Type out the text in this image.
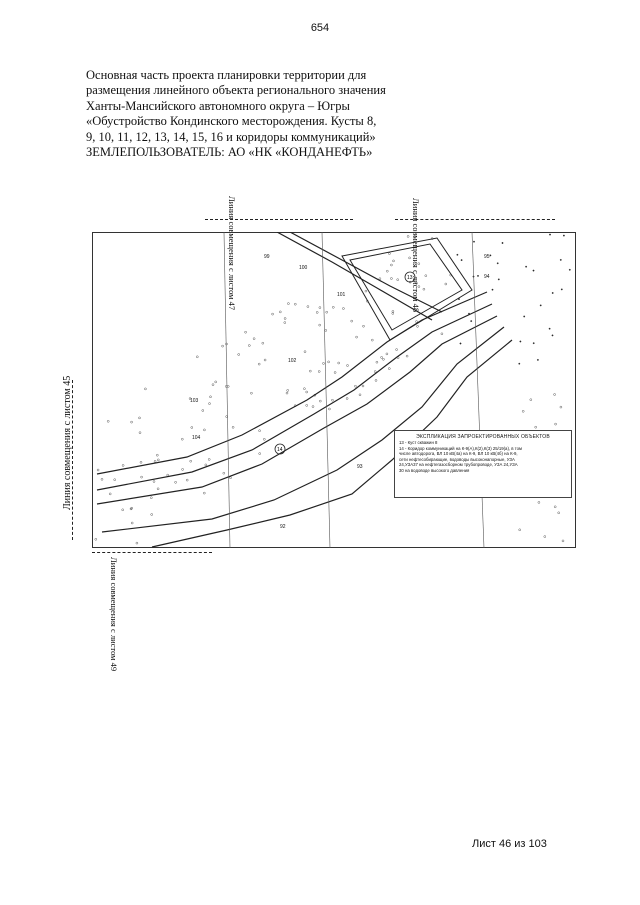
654
Основная часть проекта планировки территории для
размещения линейного объекта регионального значения
Ханты-Мансийского автономного округа – Югры
«Обустройство Кондинского месторождения. Кусты 8,
9, 10, 11, 12, 13, 14, 15, 16 и коридоры коммуникаций»
ЗЕМЛЕПОЛЬЗОВАТЕЛЬ: АО «НК «КОНДАНЕФТЬ»
Линия совмещения с листом 47	Линия совмещения с листом 48
Линия совмещения с листом 49
Линия совмещения с листом 45
99
100
101
102
103
104
93
92
95
94
14
13
ЭКСПЛИКАЦИЯ ЗАПРОЕКТИРОВАННЫХ ОБЪЕКТОВ
13 - Куст скважин 8
14 - Коридор коммуникаций на К-9(А),К(2),К(3) 25/19(а), в том
числе автодорога, ВЛ 10 кВ(4а) на К-9, ВЛ 10 кВ(4б) на К-9,
сети нефтесобирающие, водоводы высоконапорные, УЗА
24,УЗА37 на нефтегазосборном трубопроводе, УЗА 24,УЗА
30 на водоводе высокого давления
Лист 46 из 103
